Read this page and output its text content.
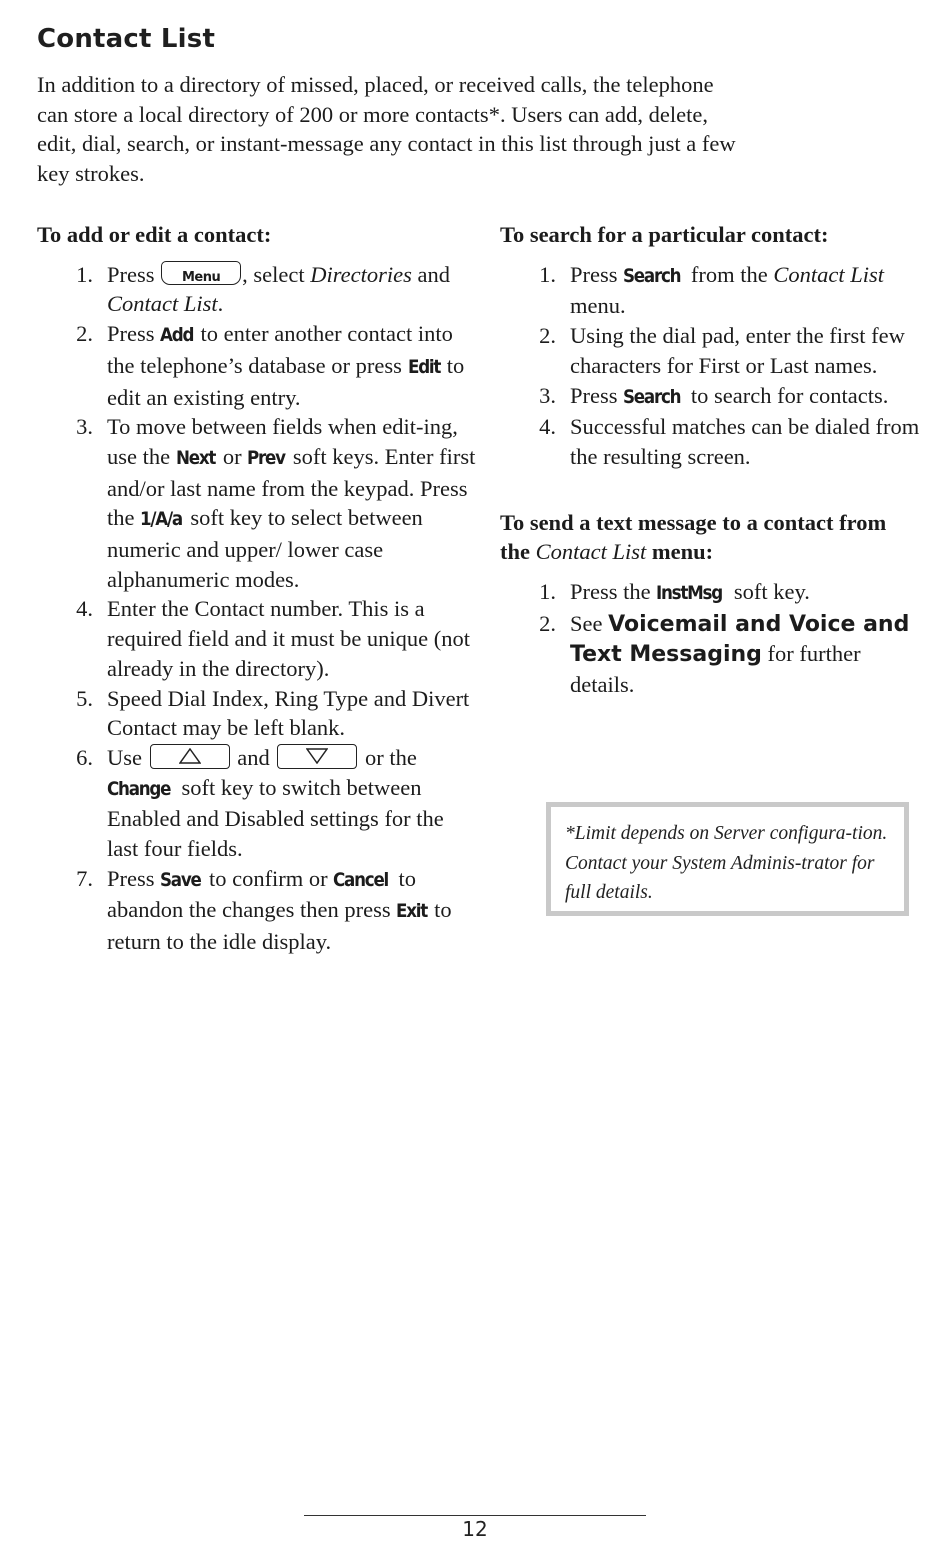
Contact List

In addition to a directory of missed, placed, or received calls, the telephone can store a local directory of 200 or more contacts*. Users can add, delete, edit, dial, search, or instant-message any contact in this list through just a few key strokes.

To add or edit a contact:

1. Press	Menu , select Directories and Contact List.
2. Press Add to enter another contact into the telephone’s database or press Edit to edit an existing entry.
3. To move between fields when edit-ing, use the Next or Prev soft keys. Enter first and/or last name from the keypad. Press the 1/A/a soft key to select between numeric and upper/ lower case alphanumeric modes.
4. Enter the Contact number. This is a required field and it must be unique (not already in the directory).
5. Speed Dial Index, Ring Type and Divert Contact may be left blank.
6. Use	and	or the Change soft key to switch between Enabled and Disabled settings for the last four fields.
7. Press Save to confirm or Cancel to abandon the changes then press Exit to return to the idle display.

To search for a particular contact:

1. Press Search from the Contact List menu.
2. Using the dial pad, enter the first few characters for First or Last names.
3. Press Search to search for contacts.
4. Successful matches can be dialed from the resulting screen.

To send a text message to a contact from the Contact List menu:

1. Press the InstMsg soft key.
2. See Voicemail and Voice and Text Messaging for further details.
*Limit depends on Server configura-tion. Contact your System Adminis-trator for full details.
12
